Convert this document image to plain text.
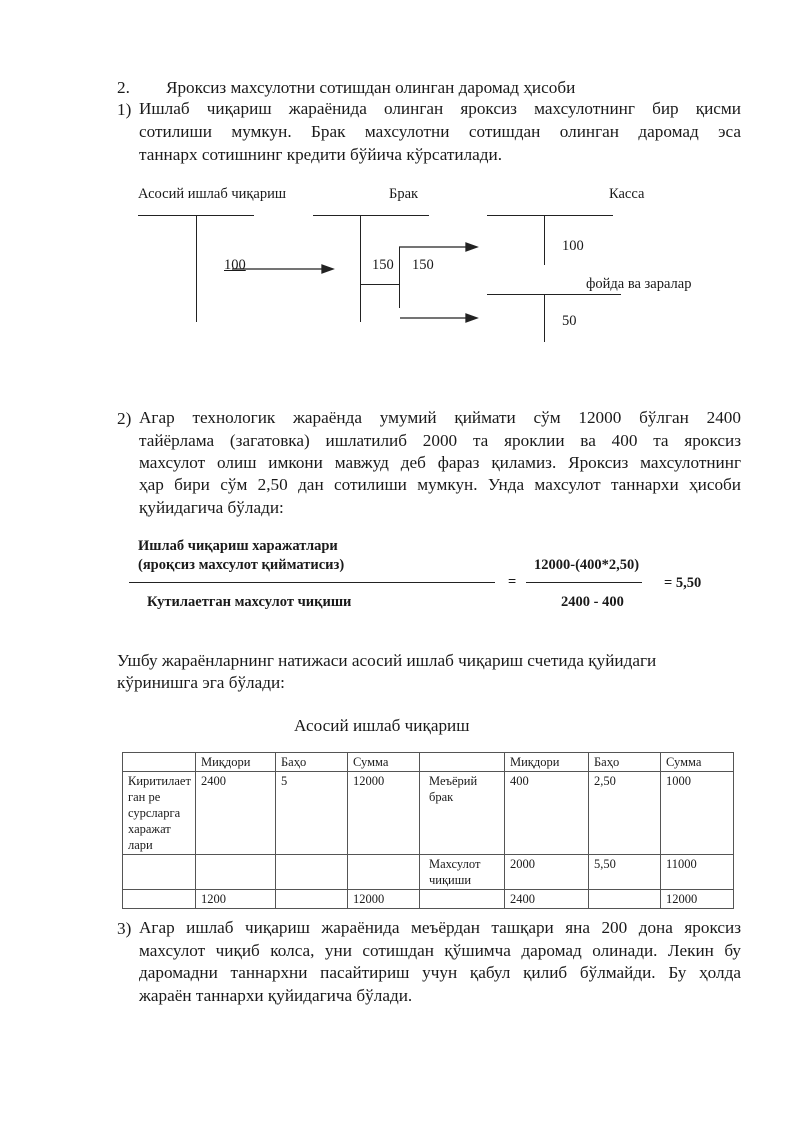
2. Яроксиз махсулотни сотишдан олинган даромад ҳисоби
1) Ишлаб чиқариш жараёнида олинган яроксиз махсулотнинг бир қисми
сотилиши мумкун. Брак махсулотни сотишдан олинган даромад эса
таннарх сотишнинг кредити бўйича кўрсатилади.
Асосий ишлаб чиқариш	Брак	Касса
фойда ва заралар
100	150 150
100
50
2) Агар технологик жараёнда умумий қиймати сўм 12000 бўлган 2400
тайёрлама (загатовка) ишлатилиб 2000 та яроклии ва 400 та яроксиз
махсулот олиш имкони мавжуд деб фараз қиламиз. Яроксиз махсулотнинг
ҳар бири сўм 2,50 дан сотилиши мумкун. Унда махсулот таннархи ҳисоби
қуйидагича бўлади:
Ишлаб чиқариш харажатлари
(яроқсиз махсулот қийматисиз)
Кутилаетган махсулот чиқиши
=
12000-(400*2,50)
2400 - 400
= 5,50
Ушбу жараёнларнинг натижаси асосий ишлаб чиқариш счетида қуйидаги
кўринишга эга бўлади:
Асосий ишлаб чиқариш
	Миқдори	Баҳо	Сумма		Миқдори	Баҳо	Сумма
Киритилает ган ре сурсларга харажат лари	2400	5	12000	Меъёрий брак	400	2,50	1000
				Махсулот чиқиши	2000	5,50	11000
	1200		12000		2400		12000
3) Агар ишлаб чиқариш жараёнида меъёрдан ташқари яна 200 дона яроксиз
махсулот чиқиб колса, уни сотишдан қўшимча даромад олинади. Лекин бу
даромадни таннархни пасайтириш учун қабул қилиб бўлмайди. Бу ҳолда
жараён таннархи қуйидагича бўлади.
